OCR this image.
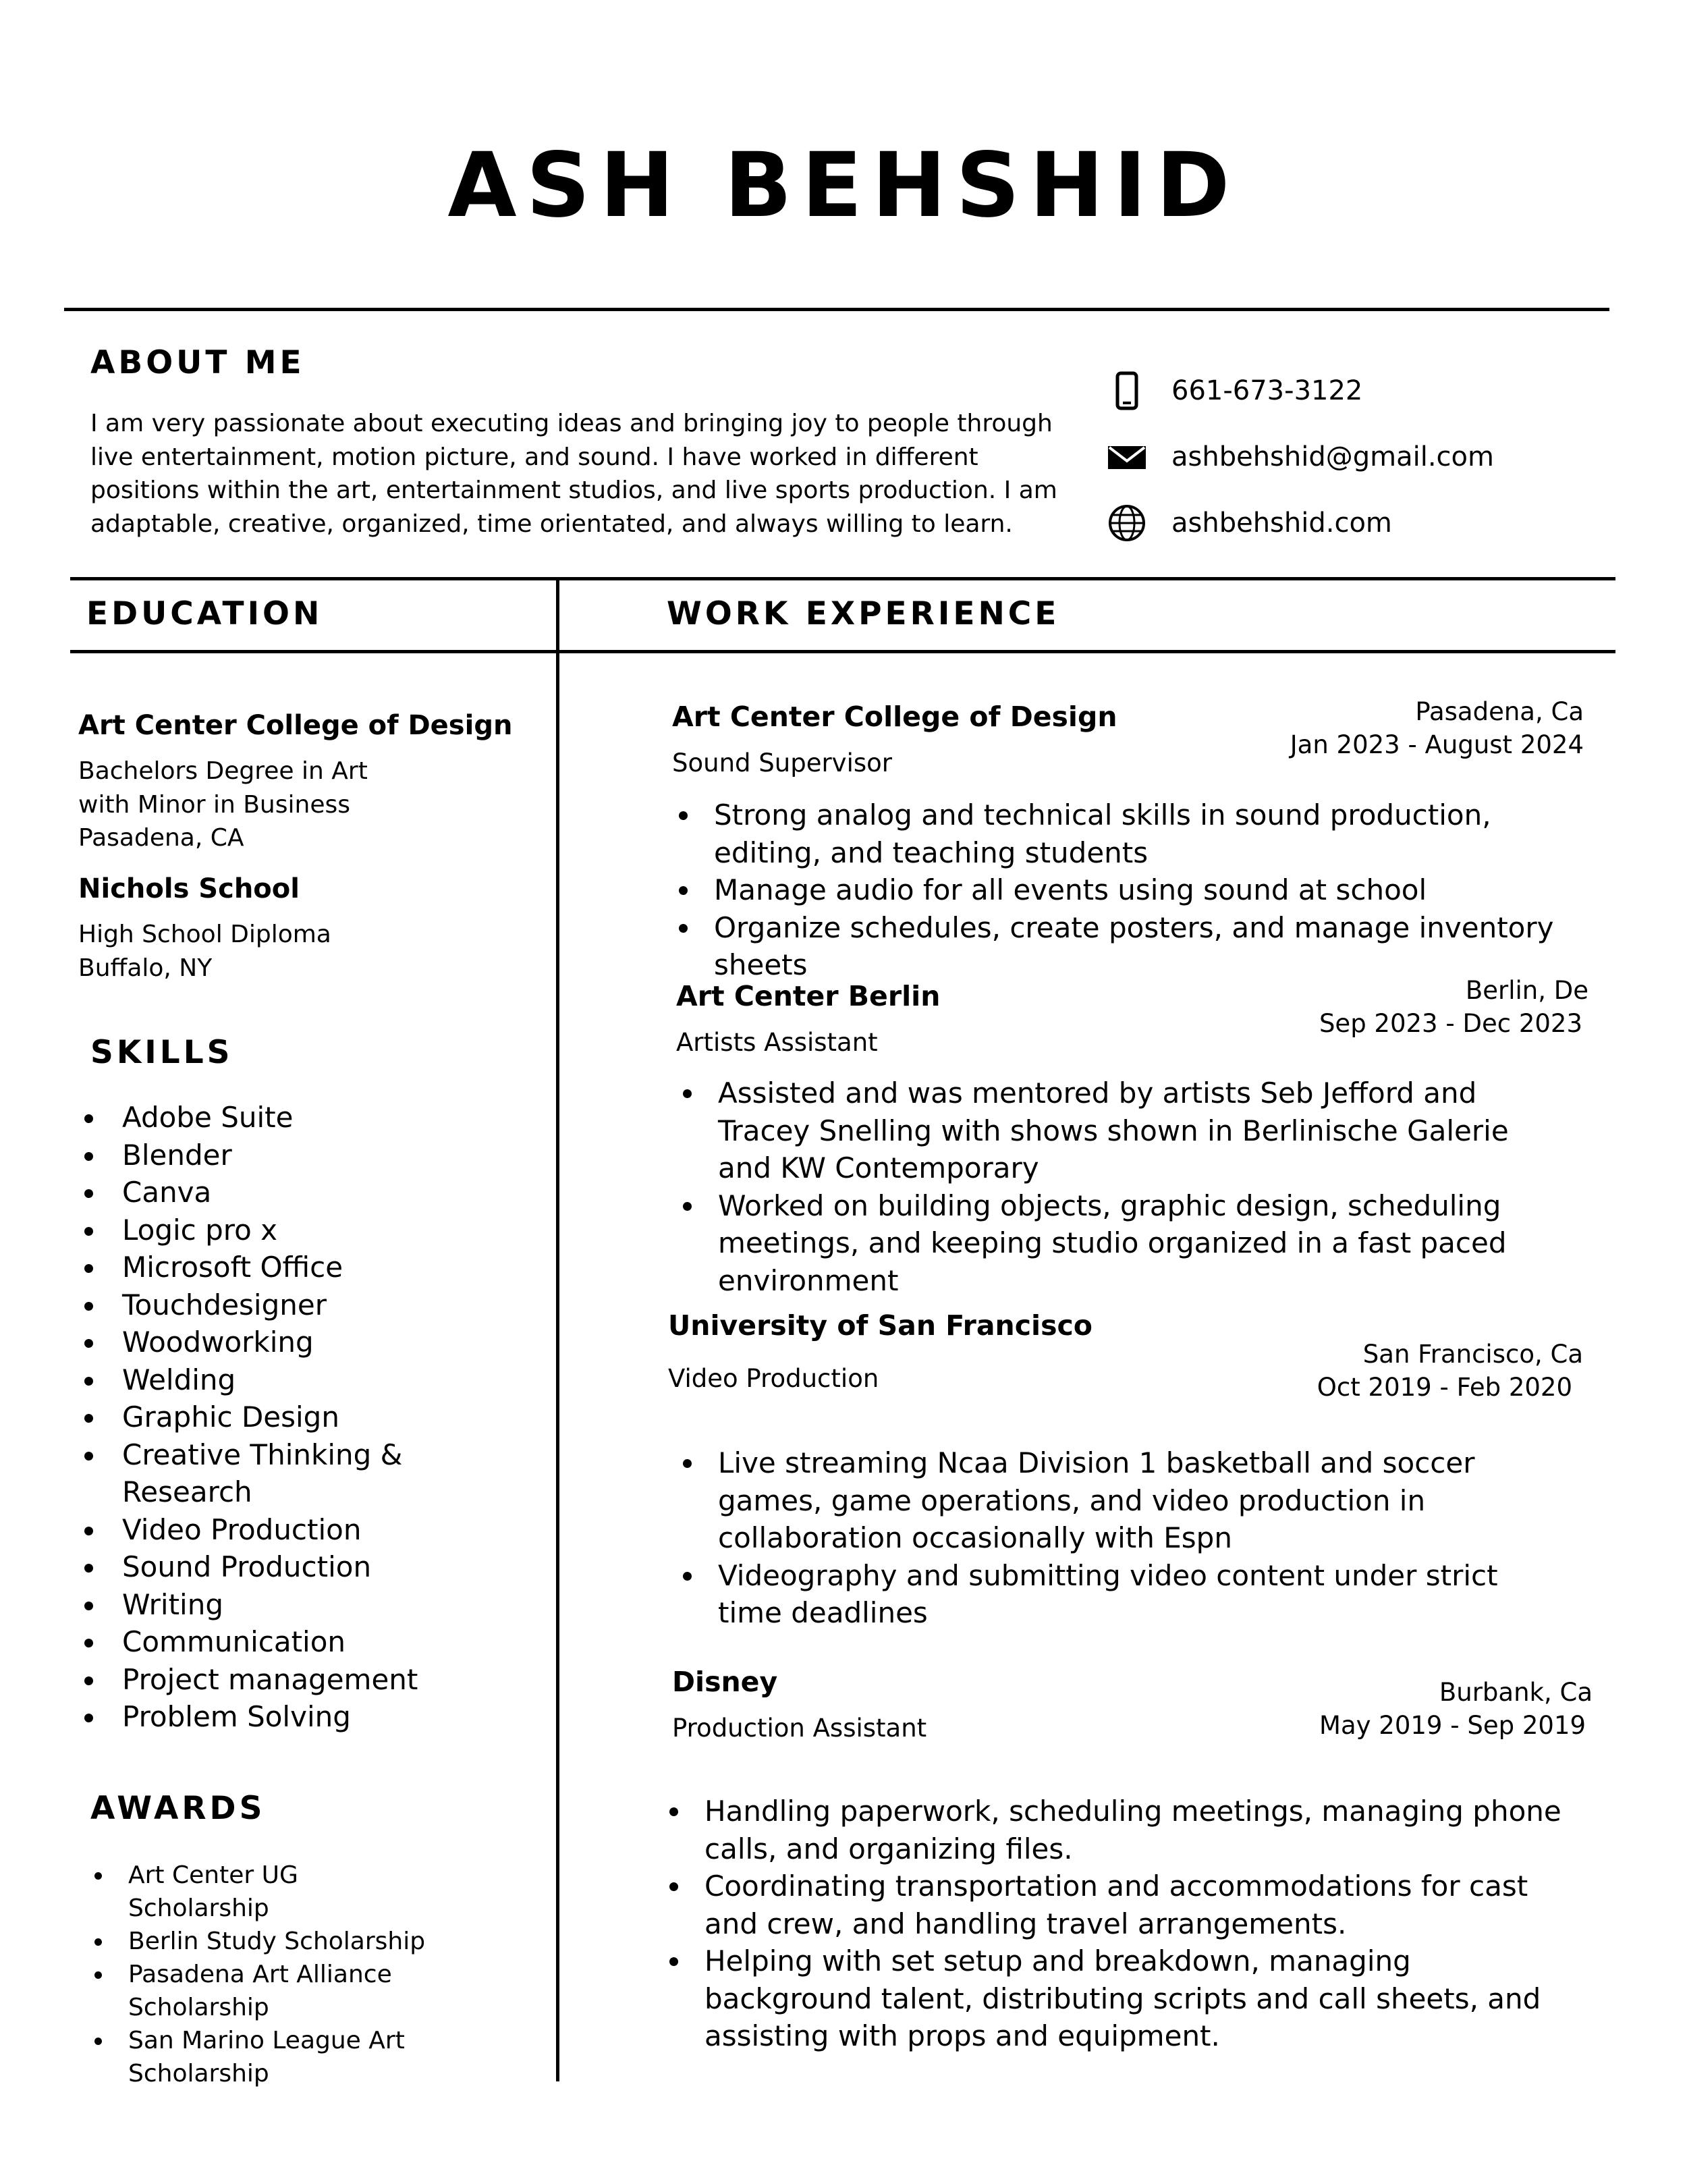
ASH BEHSHID
ABOUT ME
I am very passionate about executing ideas and bringing joy to people through live entertainment, motion picture, and sound. I have worked in different positions within the art, entertainment studios, and live sports production. I am adaptable, creative, organized, time orientated, and always willing to learn.
661-673-3122
ashbehshid@gmail.com
ashbehshid.com
EDUCATION
Art Center College of Design
Bachelors Degree in Art
with Minor in Business
Pasadena, CA
Nichols School
High School Diploma
Buffalo, NY
SKILLS
Adobe Suite
Blender
Canva
Logic pro x
Microsoft Office
Touchdesigner
Woodworking
Welding
Graphic Design
Creative Thinking & Research
Video Production
Sound Production
Writing
Communication
Project management
Problem Solving
AWARDS
Art Center UG Scholarship
Berlin Study Scholarship
Pasadena Art Alliance Scholarship
San Marino League Art Scholarship
WORK EXPERIENCE
Art Center College of Design
Sound Supervisor
Pasadena, Ca
Jan 2023 - August 2024
Strong analog and technical skills in sound production, editing, and teaching students
Manage audio for all events using sound at school
Organize schedules, create posters, and manage inventory sheets
Art Center Berlin
Artists Assistant
Berlin, De
Sep 2023 - Dec 2023
Assisted and was mentored by artists Seb Jefford and Tracey Snelling with shows shown in Berlinische Galerie and KW Contemporary
Worked on building objects, graphic design, scheduling meetings, and keeping studio organized in a fast paced environment
University of San Francisco
Video Production
San Francisco, Ca
Oct 2019 - Feb 2020
Live streaming Ncaa Division 1 basketball and soccer games, game operations, and video production in collaboration occasionally with Espn
Videography and submitting video content under strict time deadlines
Disney
Production Assistant
Burbank, Ca
May 2019 - Sep 2019
Handling paperwork, scheduling meetings, managing phone calls, and organizing files.
Coordinating transportation and accommodations for cast and crew, and handling travel arrangements.
Helping with set setup and breakdown, managing background talent, distributing scripts and call sheets, and assisting with props and equipment.
